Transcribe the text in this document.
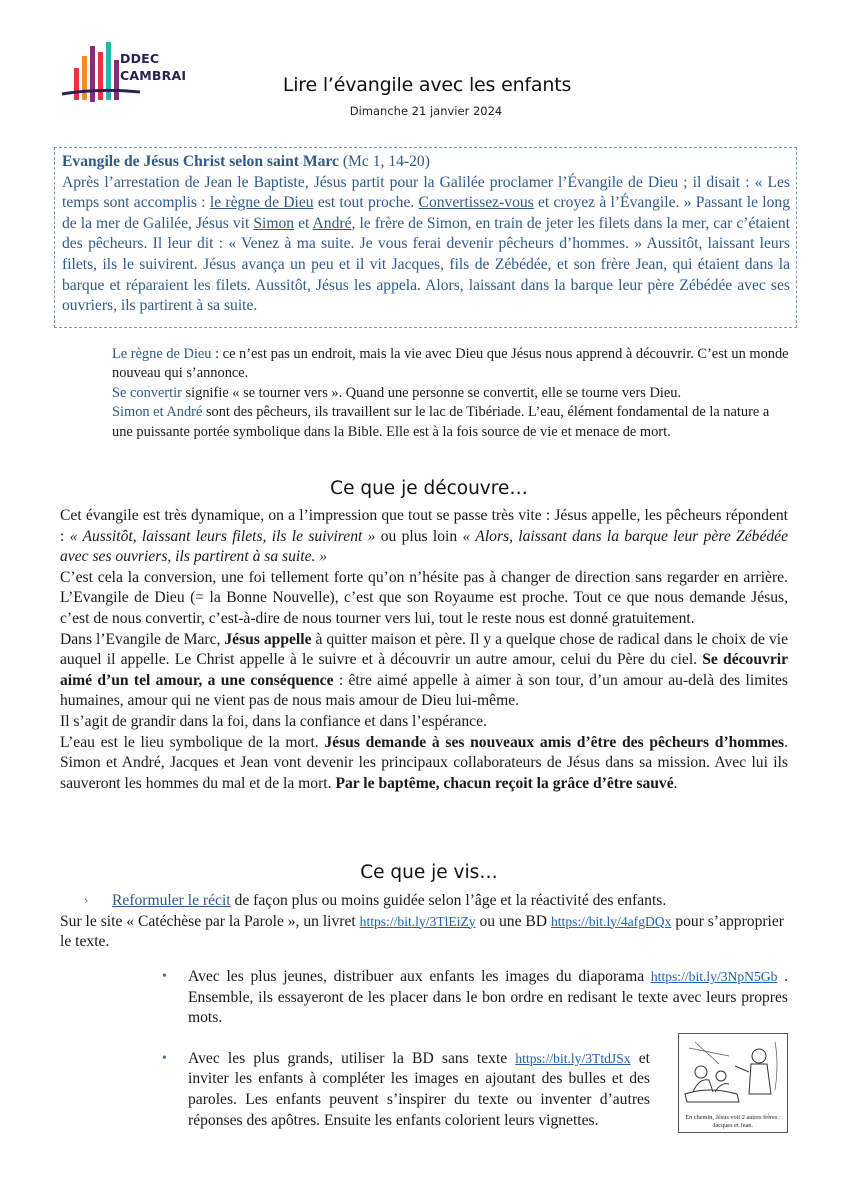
DDEC
CAMBRAI	Lire l’évangile avec les enfants
Dimanche 21 janvier 2024
Evangile de Jésus Christ selon saint Marc (Mc 1, 14-20)
Après l’arrestation de Jean le Baptiste, Jésus partit pour la Galilée proclamer l’Évangile de Dieu ; il disait : « Les temps sont accomplis : le règne de Dieu est tout proche. Convertissez-vous et croyez à l’Évangile. » Passant le long de la mer de Galilée, Jésus vit Simon et André, le frère de Simon, en train de jeter les filets dans la mer, car c’étaient des pêcheurs. Il leur dit : « Venez à ma suite. Je vous ferai devenir pêcheurs d’hommes. » Aussitôt, laissant leurs filets, ils le suivirent. Jésus avança un peu et il vit Jacques, fils de Zébédée, et son frère Jean, qui étaient dans la barque et réparaient les filets. Aussitôt, Jésus les appela. Alors, laissant dans la barque leur père Zébédée avec ses ouvriers, ils partirent à sa suite.
Le règne de Dieu : ce n’est pas un endroit, mais la vie avec Dieu que Jésus nous apprend à découvrir. C’est un monde nouveau qui s’annonce.
Se convertir signifie « se tourner vers ». Quand une personne se convertit, elle se tourne vers Dieu.
Simon et André sont des pêcheurs, ils travaillent sur le lac de Tibériade. L’eau, élément fondamental de la nature a une puissante portée symbolique dans la Bible. Elle est à la fois source de vie et menace de mort.
Ce que je découvre…

Cet évangile est très dynamique, on a l’impression que tout se passe très vite : Jésus appelle, les pêcheurs répondent : « Aussitôt, laissant leurs filets, ils le suivirent » ou plus loin « Alors, laissant dans la barque leur père Zébédée avec ses ouvriers, ils partirent à sa suite. »

C’est cela la conversion, une foi tellement forte qu’on n’hésite pas à changer de direction sans regarder en arrière. L’Evangile de Dieu (= la Bonne Nouvelle), c’est que son Royaume est proche. Tout ce que nous demande Jésus, c’est de nous convertir, c’est-à-dire de nous tourner vers lui, tout le reste nous est donné gratuitement.

Dans l’Evangile de Marc, Jésus appelle à quitter maison et père. Il y a quelque chose de radical dans le choix de vie auquel il appelle. Le Christ appelle à le suivre et à découvrir un autre amour, celui du Père du ciel. Se découvrir aimé d’un tel amour, a une conséquence : être aimé appelle à aimer à son tour, d’un amour au-delà des limites humaines, amour qui ne vient pas de nous mais amour de Dieu lui-même.

Il s’agit de grandir dans la foi, dans la confiance et dans l’espérance.

L’eau est le lieu symbolique de la mort. Jésus demande à ses nouveaux amis d’être des pêcheurs d’hommes. Simon et André, Jacques et Jean vont devenir les principaux collaborateurs de Jésus dans sa mission. Avec lui ils sauveront les hommes du mal et de la mort. Par le baptême, chacun reçoit la grâce d’être sauvé.

Ce que je vis…
› Reformuler le récit de façon plus ou moins guidée selon l’âge et la réactivité des enfants.
Sur le site « Catéchèse par la Parole », un livret https://bit.ly/3TlEiZy ou une BD https://bit.ly/4afgDQx pour s’approprier le texte.
• Avec les plus jeunes, distribuer aux enfants les images du diaporama https://bit.ly/3NpN5Gb . Ensemble, ils essayeront de les placer dans le bon ordre en redisant le texte avec leurs propres mots.
• Avec les plus grands, utiliser la BD sans texte https://bit.ly/3TtdJSx et inviter les enfants à compléter les images en ajoutant des bulles et des paroles. Les enfants peuvent s’inspirer du texte ou inventer d’autres réponses des apôtres. Ensuite les enfants colorient leurs vignettes.	En chemin, Jésus voit 2 autres frères : Jacques et Jean.
